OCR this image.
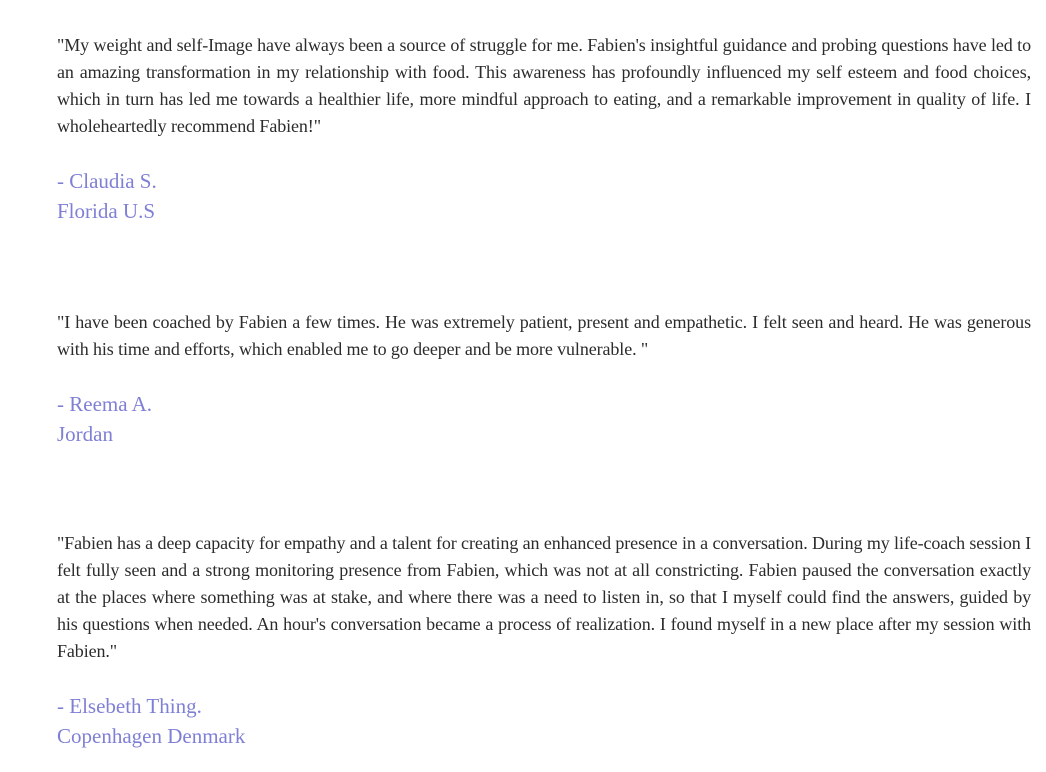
"My weight and self-Image have always been a source of struggle for me. Fabien's insightful guidance and probing questions have led to an amazing transformation in my relationship with food. This awareness has profoundly influenced my self esteem and food choices, which in turn has led me towards a healthier life, more mindful approach to eating, and a remarkable improvement in quality of life. I wholeheartedly recommend Fabien!"

- Claudia S.
Florida U.S

"I have been coached by Fabien a few times. He was extremely patient, present and empathetic. I felt seen and heard. He was generous with his time and efforts, which enabled me to go deeper and be more vulnerable. "

- Reema A.
Jordan

"Fabien has a deep capacity for empathy and a talent for creating an enhanced presence in a conversation. During my life-coach session I felt fully seen and a strong monitoring presence from Fabien, which was not at all constricting. Fabien paused the conversation exactly at the places where something was at stake, and where there was a need to listen in, so that I myself could find the answers, guided by his questions when needed. An hour's conversation became a process of realization. I found myself in a new place after my session with Fabien."

- Elsebeth Thing.
Copenhagen Denmark
